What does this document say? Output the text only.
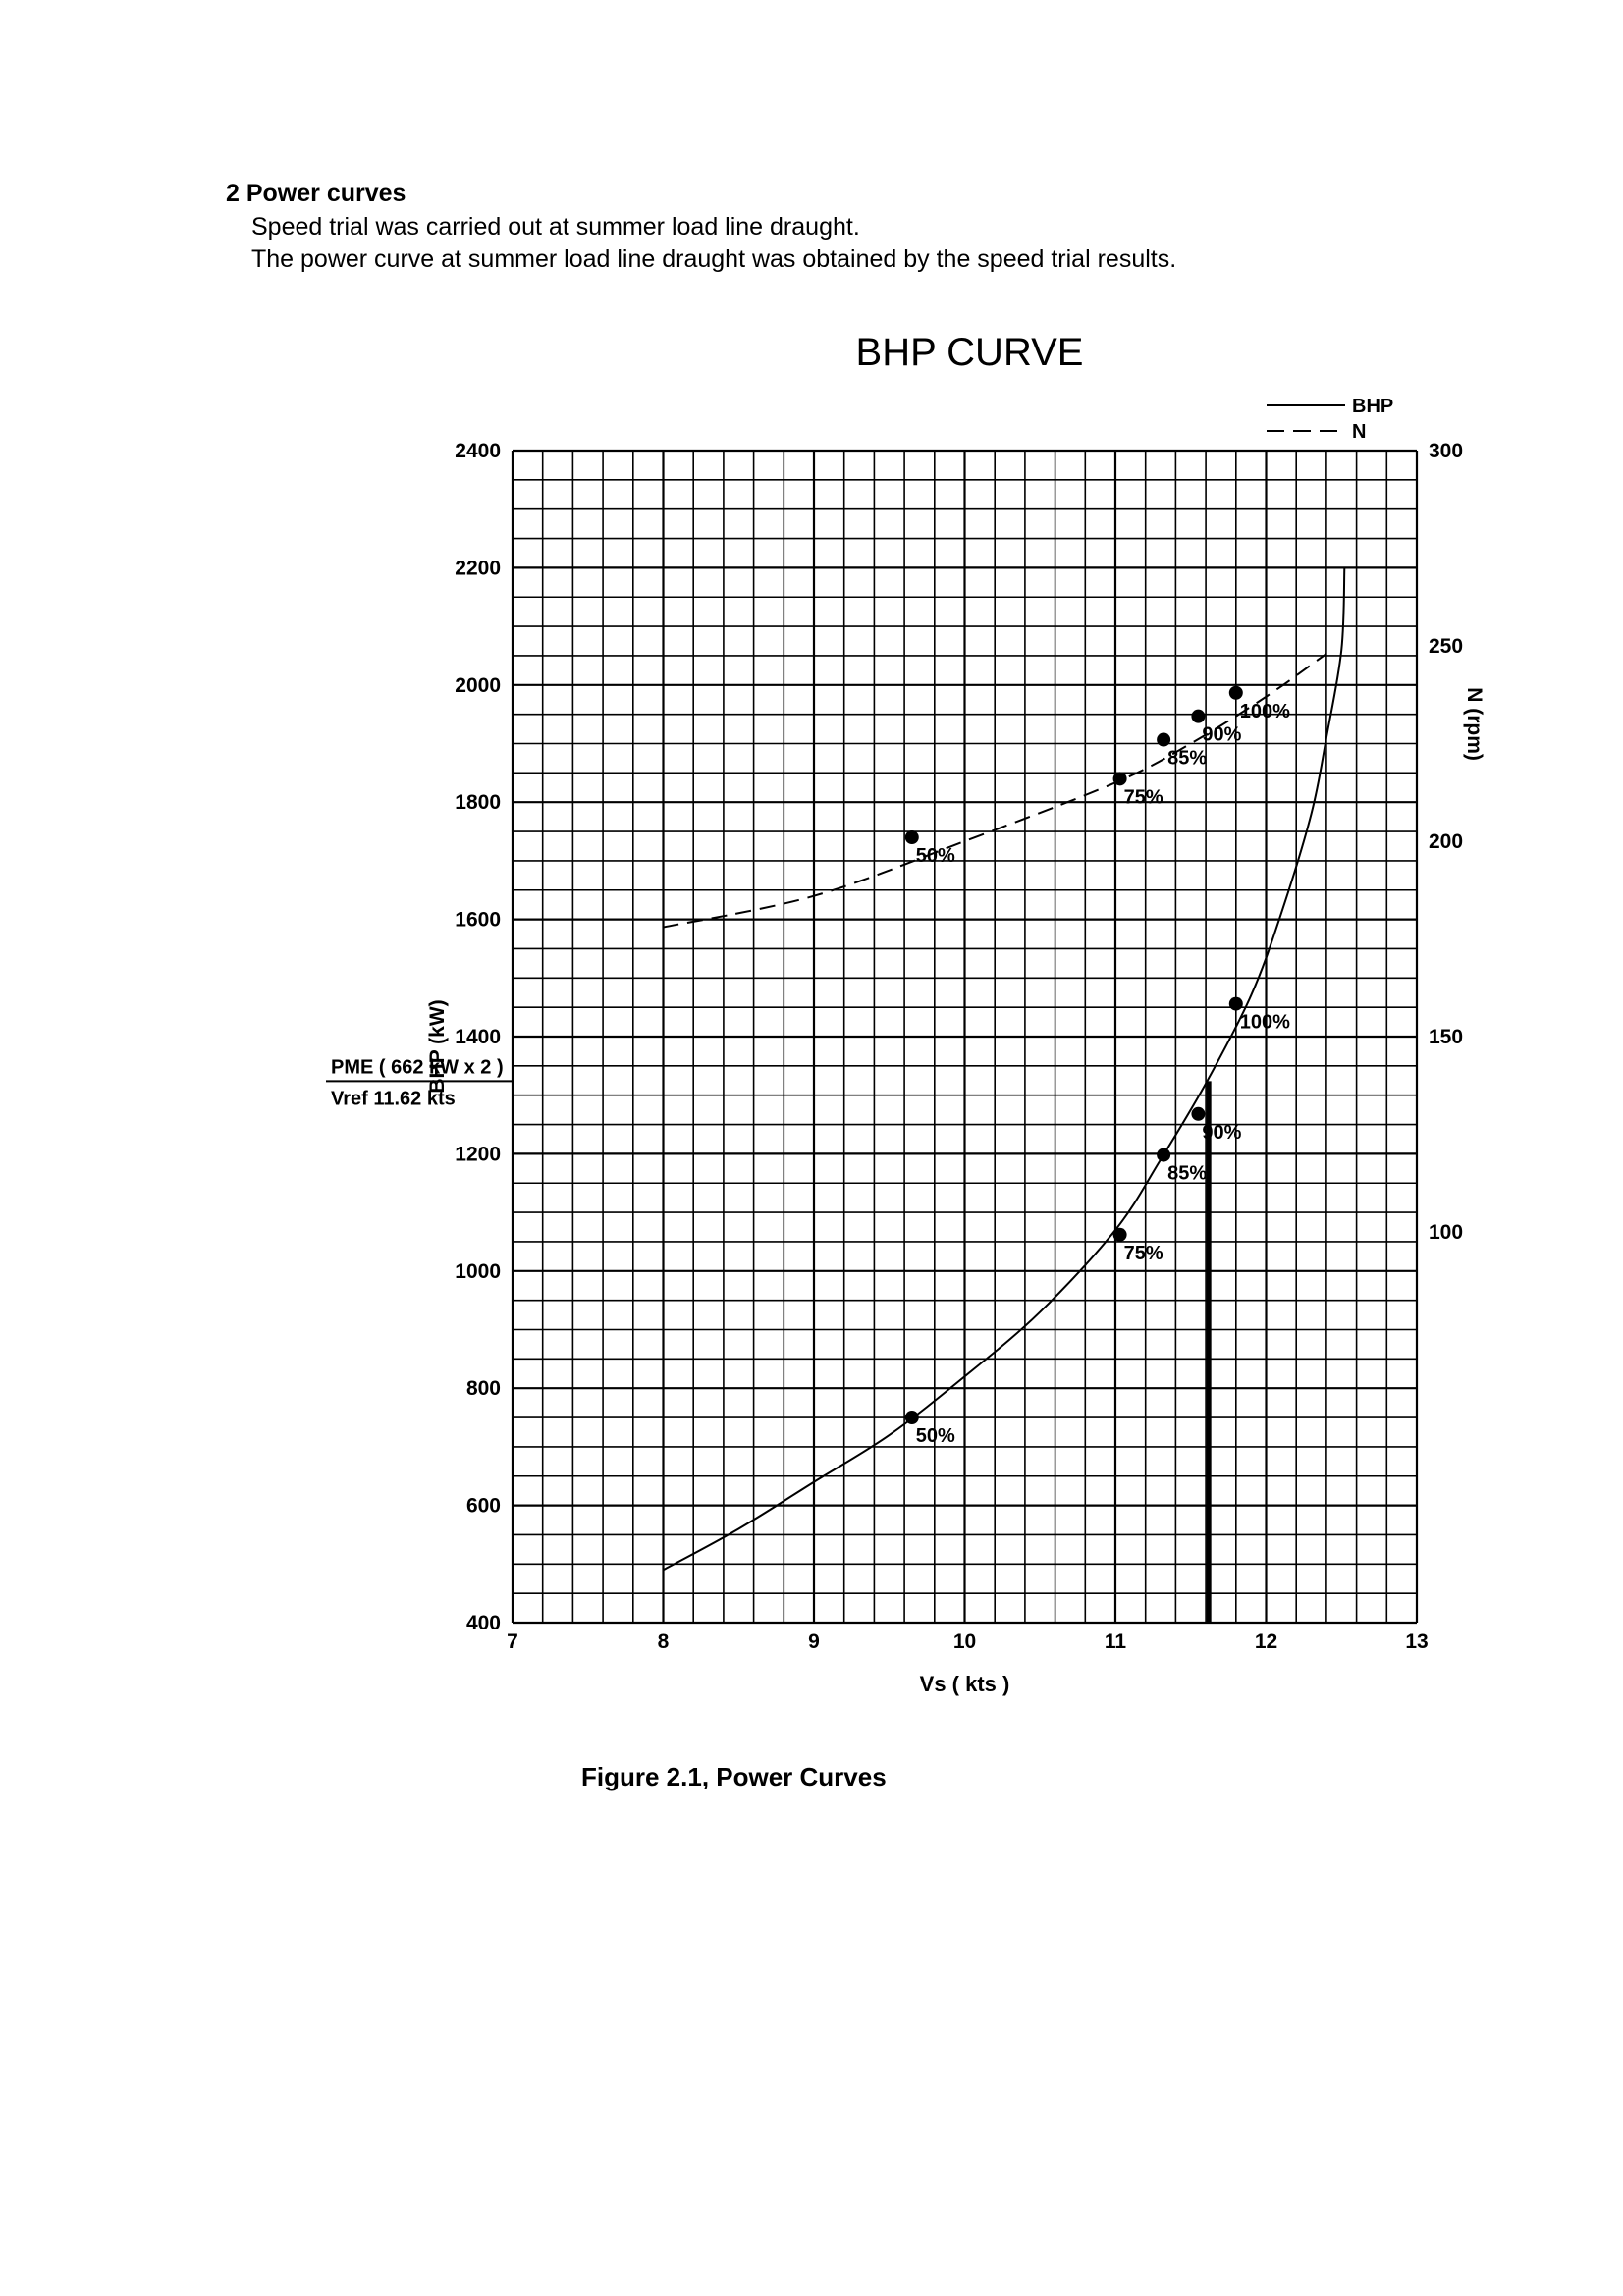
2 Power curves
Speed trial was carried out at summer load line draught.
The power curve at summer load line draught was obtained by the speed trial results.
50%
75%
85%
90%
100%
50%
75%
85%
90%
100%
BHP CURVE
7	8	9	10	11	12	13
400
600
800
1000
1200
1400
1600
1800
2000
2200
2400
100
150
200
250
300
Vs ( kts )
BHP (kW)
N (rpm)
PME ( 662 kW x 2 )
Vref 11.62 kts
BHP
N
Figure 2.1, Power Curves
